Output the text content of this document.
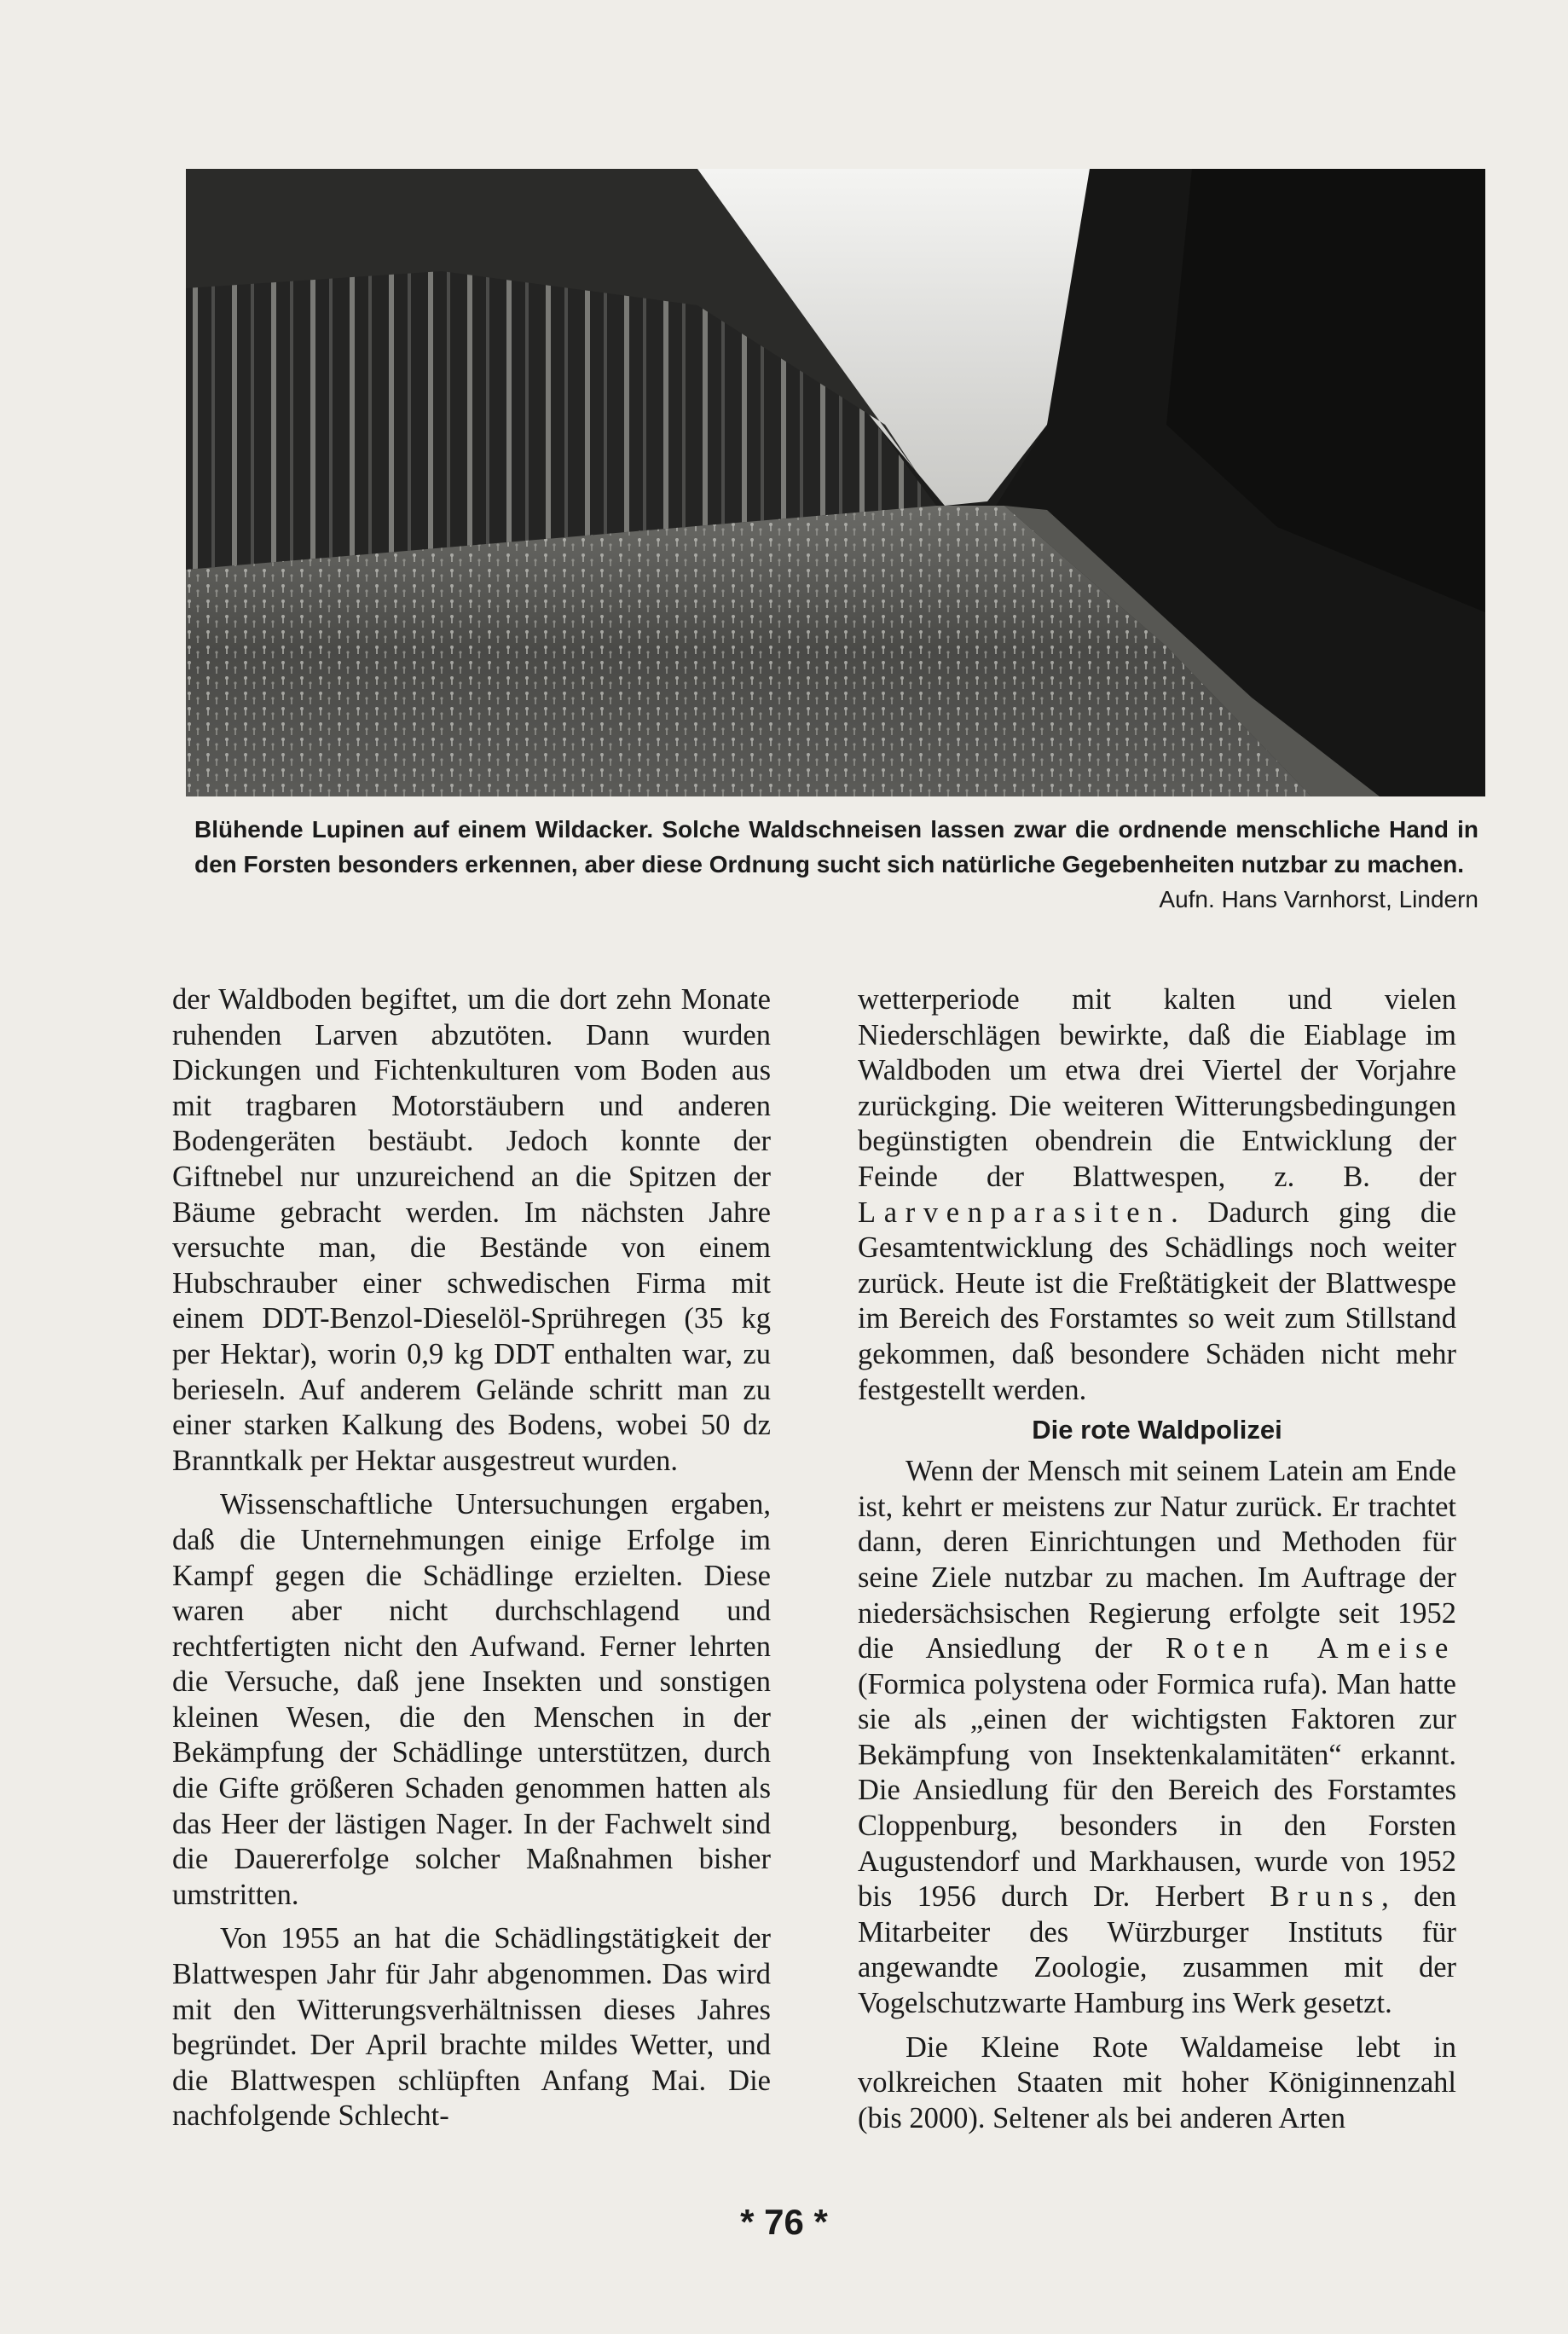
Blühende Lupinen auf einem Wildacker. Solche Waldschneisen lassen zwar die ordnende menschliche Hand in den Forsten besonders erkennen, aber diese Ordnung sucht sich natürliche Gegebenheiten nutzbar zu machen.
Aufn. Hans Varnhorst, Lindern

der Waldboden begiftet, um die dort zehn Monate ruhenden Larven abzutöten. Dann wurden Dickungen und Fichtenkulturen vom Boden aus mit tragbaren Motorstäubern und anderen Bodengeräten bestäubt. Jedoch konnte der Giftnebel nur unzureichend an die Spitzen der Bäume gebracht werden. Im nächsten Jahre versuchte man, die Bestände von einem Hubschrauber einer schwedischen Firma mit einem DDT-Benzol-Dieselöl-Sprühregen (35 kg per Hektar), worin 0,9 kg DDT enthalten war, zu berieseln. Auf anderem Gelände schritt man zu einer starken Kalkung des Bodens, wobei 50 dz Branntkalk per Hektar ausgestreut wurden.

Wissenschaftliche Untersuchungen ergaben, daß die Unternehmungen einige Erfolge im Kampf gegen die Schädlinge erzielten. Diese waren aber nicht durchschlagend und rechtfertigten nicht den Aufwand. Ferner lehrten die Versuche, daß jene Insekten und sonstigen kleinen Wesen, die den Menschen in der Bekämpfung der Schädlinge unterstützen, durch die Gifte größeren Schaden genommen hatten als das Heer der lästigen Nager. In der Fachwelt sind die Dauererfolge solcher Maßnahmen bisher umstritten.

Von 1955 an hat die Schädlingstätigkeit der Blattwespen Jahr für Jahr abgenommen. Das wird mit den Witterungsverhältnissen dieses Jahres begründet. Der April brachte mildes Wetter, und die Blattwespen schlüpften Anfang Mai. Die nachfolgende Schlecht-

wetterperiode mit kalten und vielen Niederschlägen bewirkte, daß die Eiablage im Waldboden um etwa drei Viertel der Vorjahre zurückging. Die weiteren Witterungsbedingungen begünstigten obendrein die Entwicklung der Feinde der Blattwespen, z. B. der Larvenparasiten. Dadurch ging die Gesamtentwicklung des Schädlings noch weiter zurück. Heute ist die Freßtätigkeit der Blattwespe im Bereich des Forstamtes so weit zum Stillstand gekommen, daß besondere Schäden nicht mehr festgestellt werden.

Die rote Waldpolizei

Wenn der Mensch mit seinem Latein am Ende ist, kehrt er meistens zur Natur zurück. Er trachtet dann, deren Einrichtungen und Methoden für seine Ziele nutzbar zu machen. Im Auftrage der niedersächsischen Regierung erfolgte seit 1952 die Ansiedlung der Roten Ameise (Formica polystena oder Formica rufa). Man hatte sie als „einen der wichtigsten Faktoren zur Bekämpfung von Insektenkalamitäten“ erkannt. Die Ansiedlung für den Bereich des Forstamtes Cloppenburg, besonders in den Forsten Augustendorf und Markhausen, wurde von 1952 bis 1956 durch Dr. Herbert Bruns, den Mitarbeiter des Würzburger Instituts für angewandte Zoologie, zusammen mit der Vogelschutzwarte Hamburg ins Werk gesetzt.

Die Kleine Rote Waldameise lebt in volkreichen Staaten mit hoher Königinnenzahl (bis 2000). Seltener als bei anderen Arten

* 76 *
